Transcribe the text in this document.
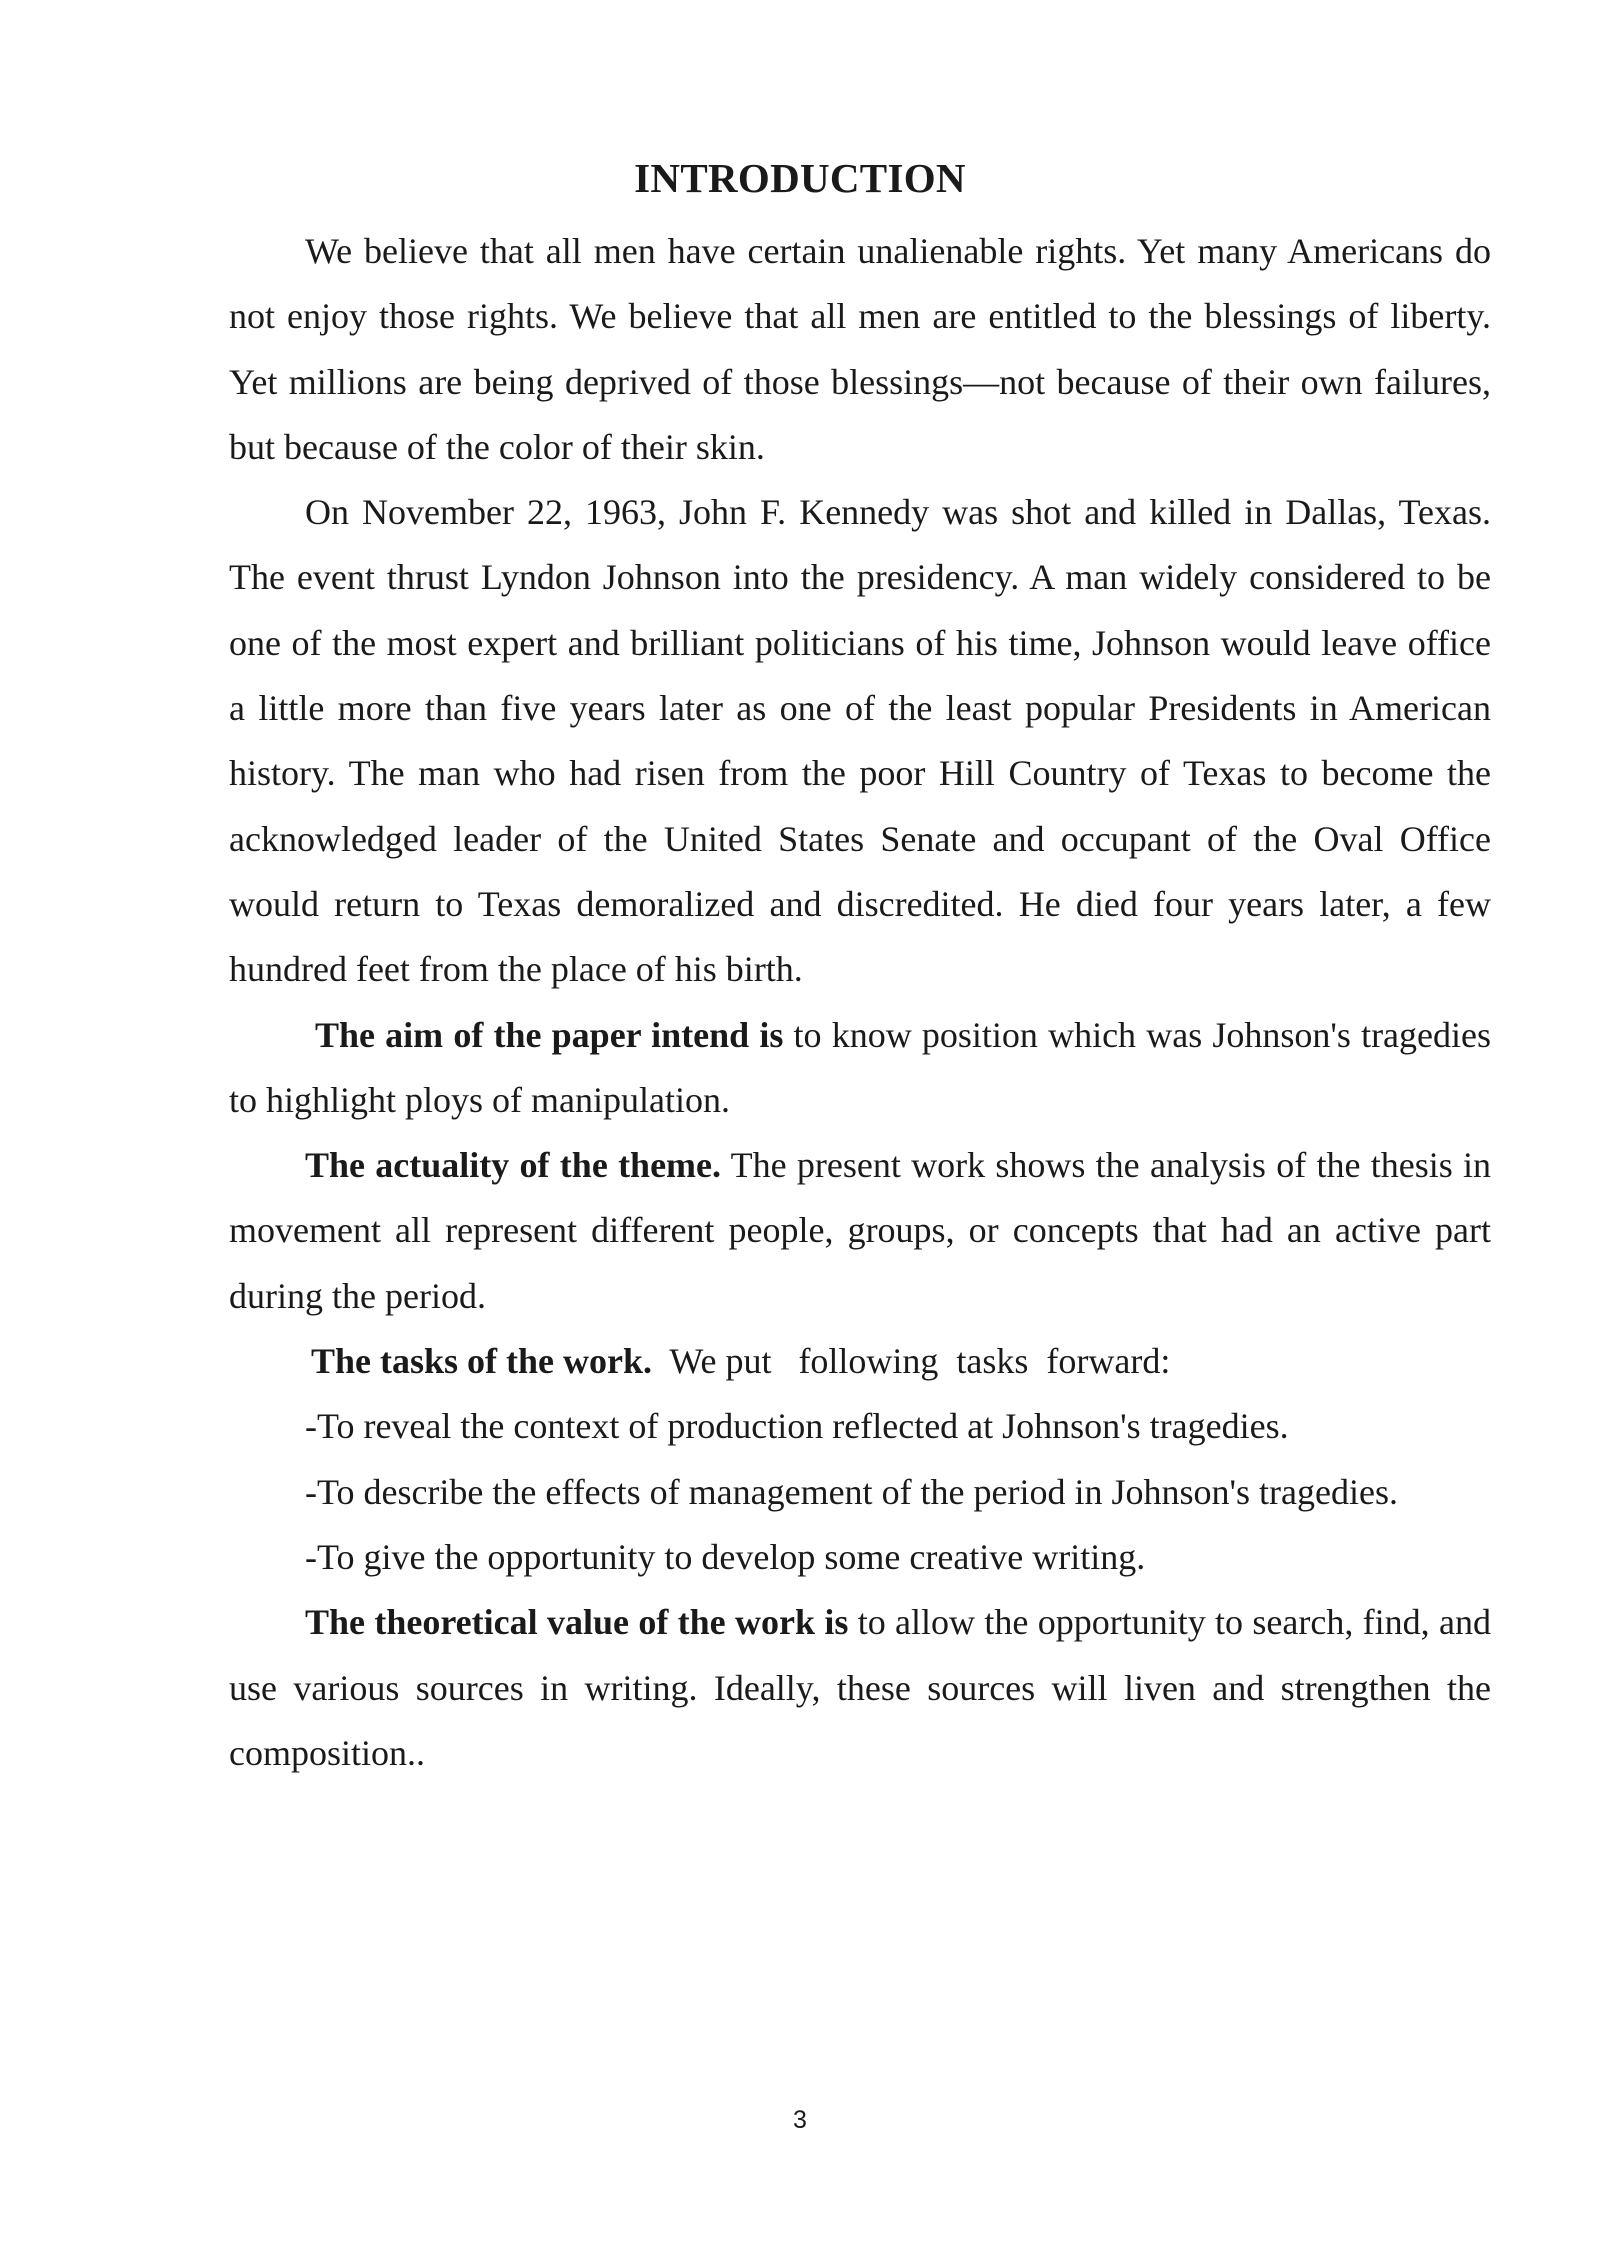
INTRODUCTION

We believe that all men have certain unalienable rights. Yet many Americans do not enjoy those rights. We believe that all men are entitled to the blessings of liberty. Yet millions are being deprived of those blessings—not because of their own failures, but because of the color of their skin.

On November 22, 1963, John F. Kennedy was shot and killed in Dallas, Texas. The event thrust Lyndon Johnson into the presidency. A man widely considered to be one of the most expert and brilliant politicians of his time, Johnson would leave office a little more than five years later as one of the least popular Presidents in American history. The man who had risen from the poor Hill Country of Texas to become the acknowledged leader of the United States Senate and occupant of the Oval Office would return to Texas demoralized and discredited. He died four years later, a few hundred feet from the place of his birth.

The aim of the paper intend is to know position which was Johnson's tragedies to highlight ploys of manipulation.

The actuality of the theme. The present work shows the analysis of the thesis in movement all represent different people, groups, or concepts that had an active part during the period.

The tasks of the work.  We put   following  tasks  forward:

-To reveal the context of production reflected at Johnson's tragedies.

-To describe the effects of management of the period in Johnson's tragedies.

-To give the opportunity to develop some creative writing.

The theoretical value of the work is to allow the opportunity to search, find, and use various sources in writing. Ideally, these sources will liven and strengthen the composition..

3
